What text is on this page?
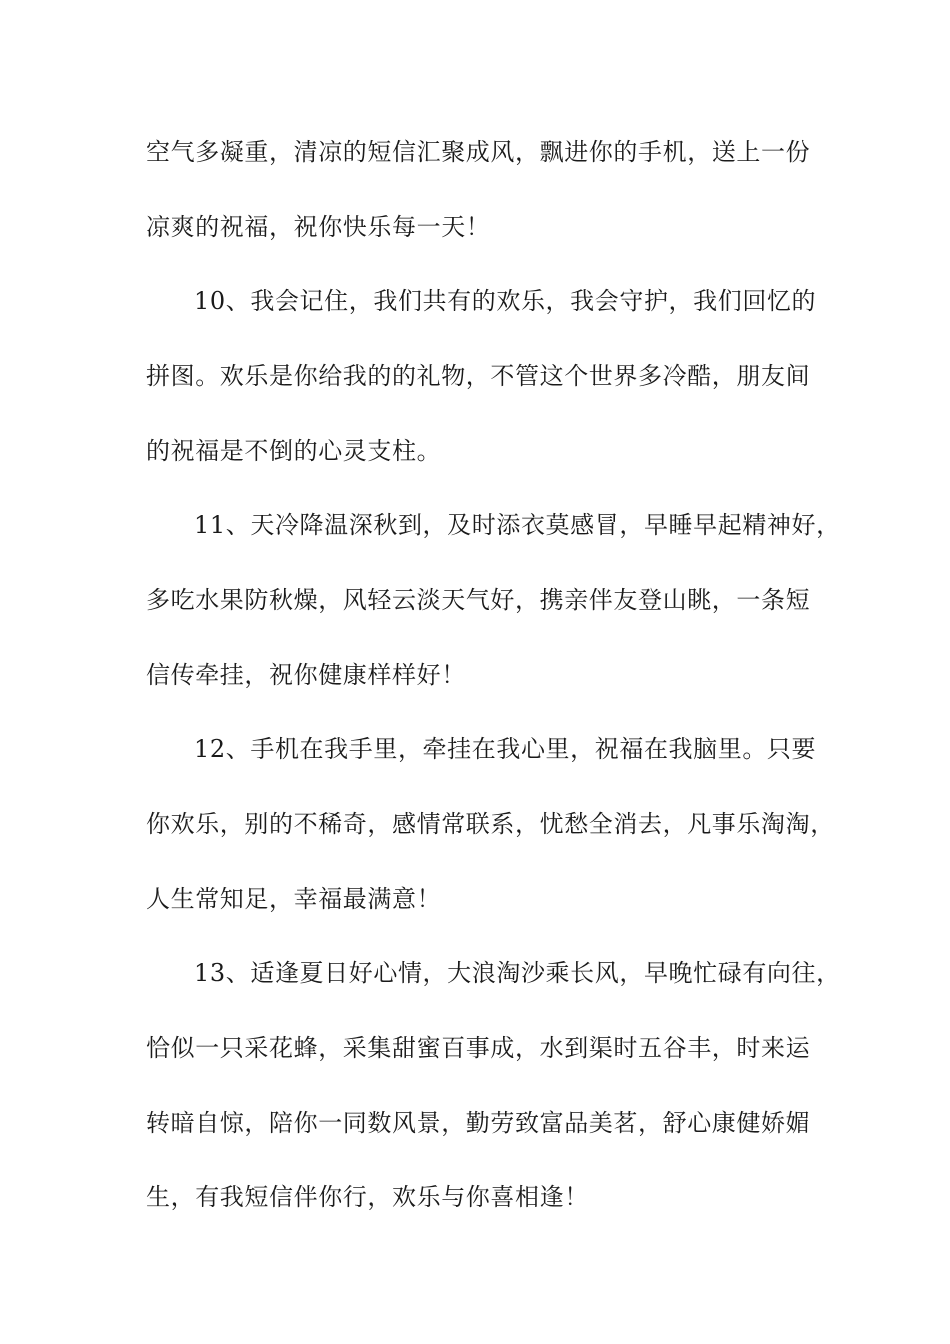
空气多凝重，清凉的短信汇聚成风，飘进你的手机，送上一份
凉爽的祝福，祝你快乐每一天！
10、我会记住，我们共有的欢乐，我会守护，我们回忆的
拼图。欢乐是你给我的的礼物，不管这个世界多冷酷，朋友间
的祝福是不倒的心灵支柱。
11、天冷降温深秋到，及时添衣莫感冒，早睡早起精神好，
多吃水果防秋燥，风轻云淡天气好，携亲伴友登山眺，一条短
信传牵挂，祝你健康样样好！
12、手机在我手里，牵挂在我心里，祝福在我脑里。只要
你欢乐，别的不稀奇，感情常联系，忧愁全消去，凡事乐淘淘，
人生常知足，幸福最满意！
13、适逢夏日好心情，大浪淘沙乘长风，早晚忙碌有向往，
恰似一只采花蜂，采集甜蜜百事成，水到渠时五谷丰，时来运
转暗自惊，陪你一同数风景，勤劳致富品美茗，舒心康健娇媚
生，有我短信伴你行，欢乐与你喜相逢！
